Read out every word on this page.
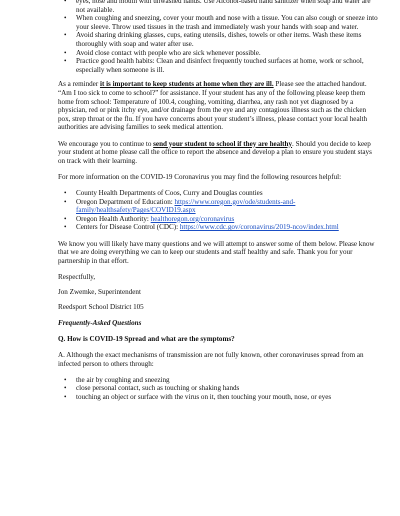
• eyes, nose and mouth with unwashed hands. Use Alcohol-based hand sanitizer when soap and water are not available.
• When coughing and sneezing, cover your mouth and nose with a tissue. You can also cough or sneeze into your sleeve. Throw used tissues in the trash and immediately wash your hands with soap and water.
• Avoid sharing drinking glasses, cups, eating utensils, dishes, towels or other items. Wash these items thoroughly with soap and water after use.
• Avoid close contact with people who are sick whenever possible.
• Practice good health habits: Clean and disinfect frequently touched surfaces at home, work or school, especially when someone is ill.

As a reminder it is important to keep students at home when they are ill. Please see the attached handout. “Am I too sick to come to school?” for assistance. If your student has any of the following please keep them home from school: Temperature of 100.4, coughing, vomiting, diarrhea, any rash not yet diagnosed by a physician, red or pink itchy eye, and/or drainage from the eye and any contagious illness such as the chicken pox, strep throat or the flu. If you have concerns about your student’s illness, please contact your local health authorities are advising families to seek medical attention.

We encourage you to continue to send your student to school if they are healthy. Should you decide to keep your student at home please call the office to report the absence and develop a plan to ensure you student stays on track with their learning.

For more information on the COVID-19 Coronavirus you may find the following resources helpful:

• County Health Departments of Coos, Curry and Douglas counties
• Oregon Department of Education: https://www.oregon.gov/ode/students-and-family/healthsafety/Pages/COVID19.aspx
• Oregon Health Authority: healthoregon.org/coronavirus
• Centers for Disease Control (CDC): https://www.cdc.gov/coronavirus/2019-ncov/index.html

We know you will likely have many questions and we will attempt to answer some of them below. Please know that we are doing everything we can to keep our students and staff healthy and safe. Thank you for your partnership in that effort.

Respectfully,

Jon Zwemke, Superintendent

Reedsport School District 105

Frequently-Asked Questions

Q. How is COVID-19 Spread and what are the symptoms?

A. Although the exact mechanisms of transmission are not fully known, other coronaviruses spread from an infected person to others through:

• the air by coughing and sneezing
• close personal contact, such as touching or shaking hands
• touching an object or surface with the virus on it, then touching your mouth, nose, or eyes
